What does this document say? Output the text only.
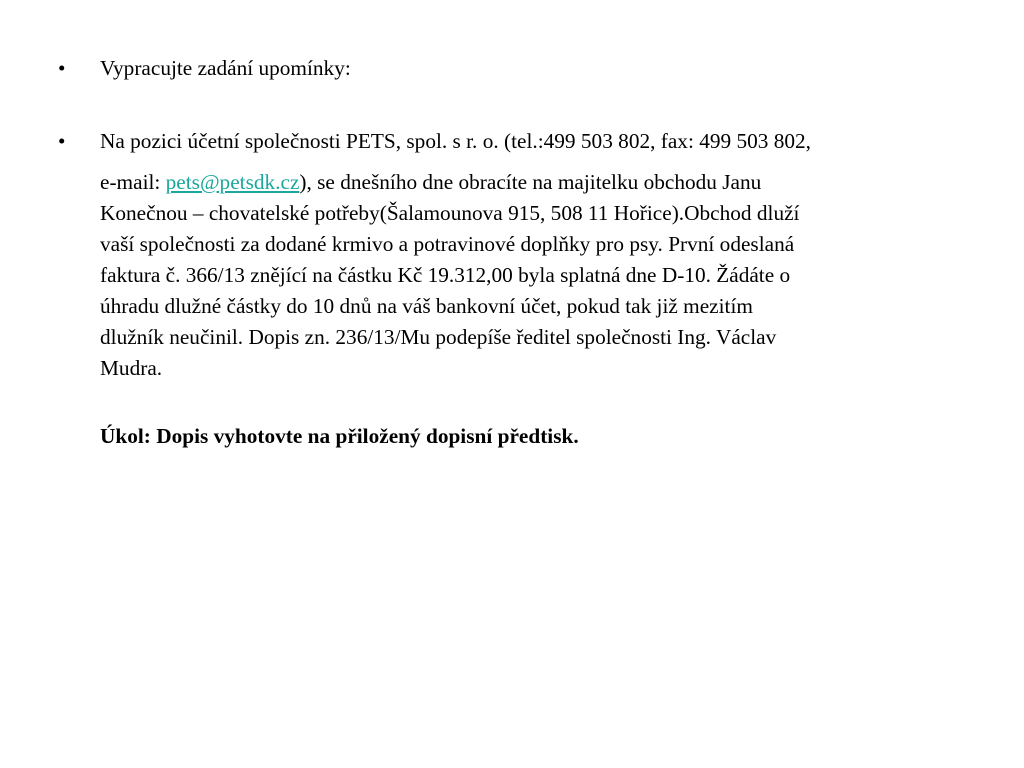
•	Vypracujte zadání upomínky:
•	Na pozici účetní společnosti PETS, spol. s r. o. (tel.:499 503 802, fax: 499 503 802,
e-mail: pets@petsdk.cz), se dnešního dne obracíte na majitelku obchodu Janu
Konečnou – chovatelské potřeby(Šalamounova 915, 508 11 Hořice).Obchod dluží
vaší společnosti za dodané krmivo a potravinové doplňky pro psy. První odeslaná
faktura č. 366/13 znějící na částku Kč 19.312,00 byla splatná dne D-10. Žádáte o
úhradu dlužné částky do 10 dnů na váš bankovní účet, pokud tak již mezitím
dlužník neučinil. Dopis zn. 236/13/Mu podepíše ředitel společnosti Ing. Václav
Mudra.
Úkol: Dopis vyhotovte na přiložený dopisní předtisk.
